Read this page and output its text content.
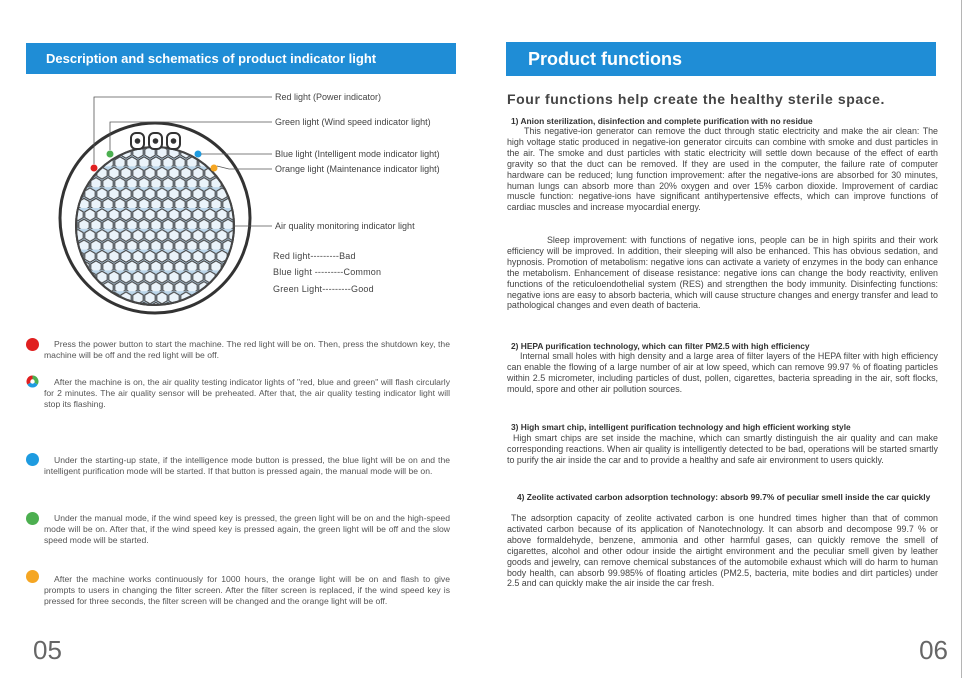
Description and schematics of product indicator light
Red light (Power indicator)
Green light (Wind speed indicator light)
Blue light (Intelligent mode indicator light)
Orange light (Maintenance indicator light)
Air quality monitoring indicator light
Red light---------Bad
Blue light ---------Common
Green Light---------Good
Press the power button to start the machine. The red light will be on. Then, press the shutdown key, the machine will be off and the red light will be off.
After the machine is on, the air quality testing indicator lights of "red, blue and green" will flash circularly for 2 minutes. The air quality sensor will be preheated. After that, the air quality testing indicator light will stop its flashing.
Under the starting-up state, if the intelligence mode button is pressed, the blue light will be on and the intelligent purification mode will be started. If that button is pressed again, the manual mode will be on.
Under the manual mode, if the wind speed key is pressed, the green light will be on and the high-speed mode will be on. After that, if the wind speed key is pressed again, the green light will be off and the slow speed mode will be started.
After the machine works continuously for 1000 hours, the orange light will be on and flash to give prompts to users in changing the filter screen. After the filter screen is replaced, if the wind speed key is pressed for three seconds, the filter screen will be changed and the orange light will be off.
05
Product functions
Four functions help create the healthy sterile space.
1) Anion sterilization, disinfection and complete purification with no residue
This negative-ion generator can remove the duct through static electricity and make the air clean: The high voltage static produced in negative-ion generator circuits can combine with smoke and dust particles in the air. The smoke and dust particles with static electricity will settle down because of the effect of earth gravity so that the duct can be removed. If they are used in the computer, the failure rate of computer hardware can be reduced; lung function improvement: after the negative-ions are absorbed for 30 minutes, human lungs can absorb more than 20% oxygen and over 15% carbon dioxide. Improvement of cardiac muscle function: negative-ions have significant antihypertensive effects, which can improve functions of cardiac muscles and increase myocardial energy.
Sleep improvement: with functions of negative ions, people can be in high spirits and their work efficiency will be improved. In addition, their sleeping will also be enhanced. This has obvious sedation, and hypnosis. Promotion of metabolism: negative ions can activate a variety of enzymes in the body can enhance the metabolism. Enhancement of disease resistance: negative ions can change the body reactivity, enliven functions of the reticuloendothelial system (RES) and strengthen the body immunity. Disinfecting functions: negative ions are easy to absorb bacteria, which will cause structure changes and energy transfer and lead to pathological changes and even death of bacteria.
2) HEPA purification technology, which can filter PM2.5 with high efficiency
Internal small holes with high density and a large area of filter layers of the HEPA filter with high efficiency can enable the flowing of a large number of air at low speed, which can remove 99.97 % of floating particles within 2.5 micrometer, including particles of dust, pollen, cigarettes, bacteria spreading in the air, soft flocks, mould, spore and other air pollution sources.
3) High smart chip, intelligent purification technology and high efficient working style
High smart chips are set inside the machine, which can smartly distinguish the air quality and can make corresponding reactions. When air quality is intelligently detected to be bad, operations will be started smartly to purify the air inside the car and to provide a healthy and safe air environment to users quickly.
4) Zeolite activated carbon adsorption technology: absorb 99.7% of peculiar smell inside the car quickly
The adsorption capacity of zeolite activated carbon is one hundred times higher than that of common activated carbon because of its application of Nanotechnology. It can absorb and decompose 99.7 % or above formaldehyde, benzene, ammonia and other harmful gases, can quickly remove the smell of cigarettes, alcohol and other odour inside the airtight environment and the peculiar smell given by leather goods and jewelry, can remove chemical substances of the automobile exhaust which will do harm to human body health, can absorb 99.985% of floating articles (PM2.5, bacteria, mite bodies and dirt particles) under 2.5 and can quickly make the air inside the car fresh.
06
